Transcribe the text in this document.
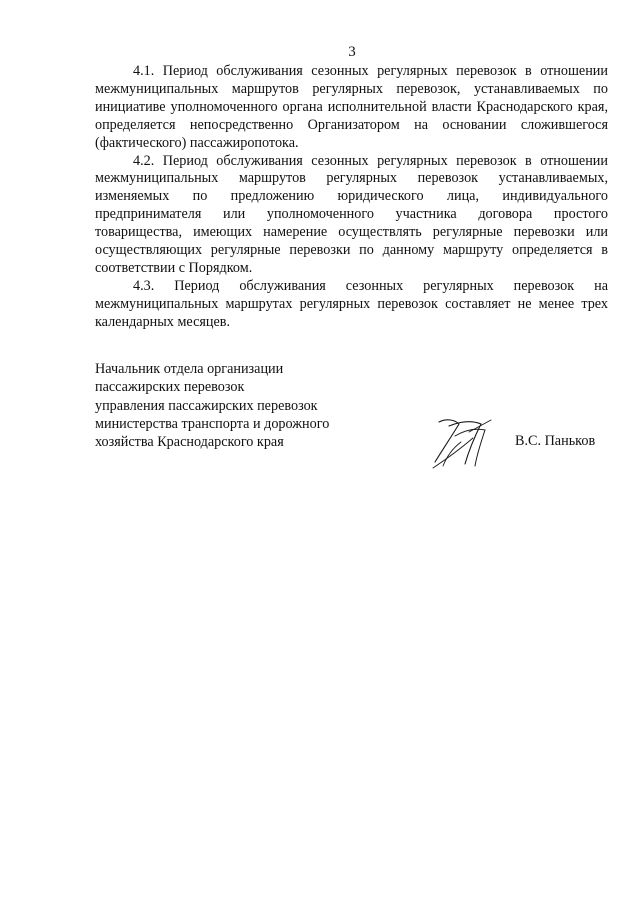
3

4.1. Период обслуживания сезонных регулярных перевозок в отношении межмуниципальных маршрутов регулярных перевозок, устанавливаемых по инициативе уполномоченного органа исполнительной власти Краснодарского края, определяется непосредственно Организатором на основании сложившегося (фактического) пассажиропотока.

4.2. Период обслуживания сезонных регулярных перевозок в отношении межмуниципальных маршрутов регулярных перевозок устанавливаемых, изменяемых по предложению юридического лица, индивидуального предпринимателя или уполномоченного участника договора простого товарищества, имеющих намерение осуществлять регулярные перевозки или осуществляющих регулярные перевозки по данному маршруту определяется в соответствии с Порядком.

4.3. Период обслуживания сезонных регулярных перевозок на межмуниципальных маршрутах регулярных перевозок составляет не менее трех календарных месяцев.

Начальник отдела организации
пассажирских перевозок
управления пассажирских перевозок
министерства транспорта и дорожного
хозяйства Краснодарского края	В.С. Паньков
